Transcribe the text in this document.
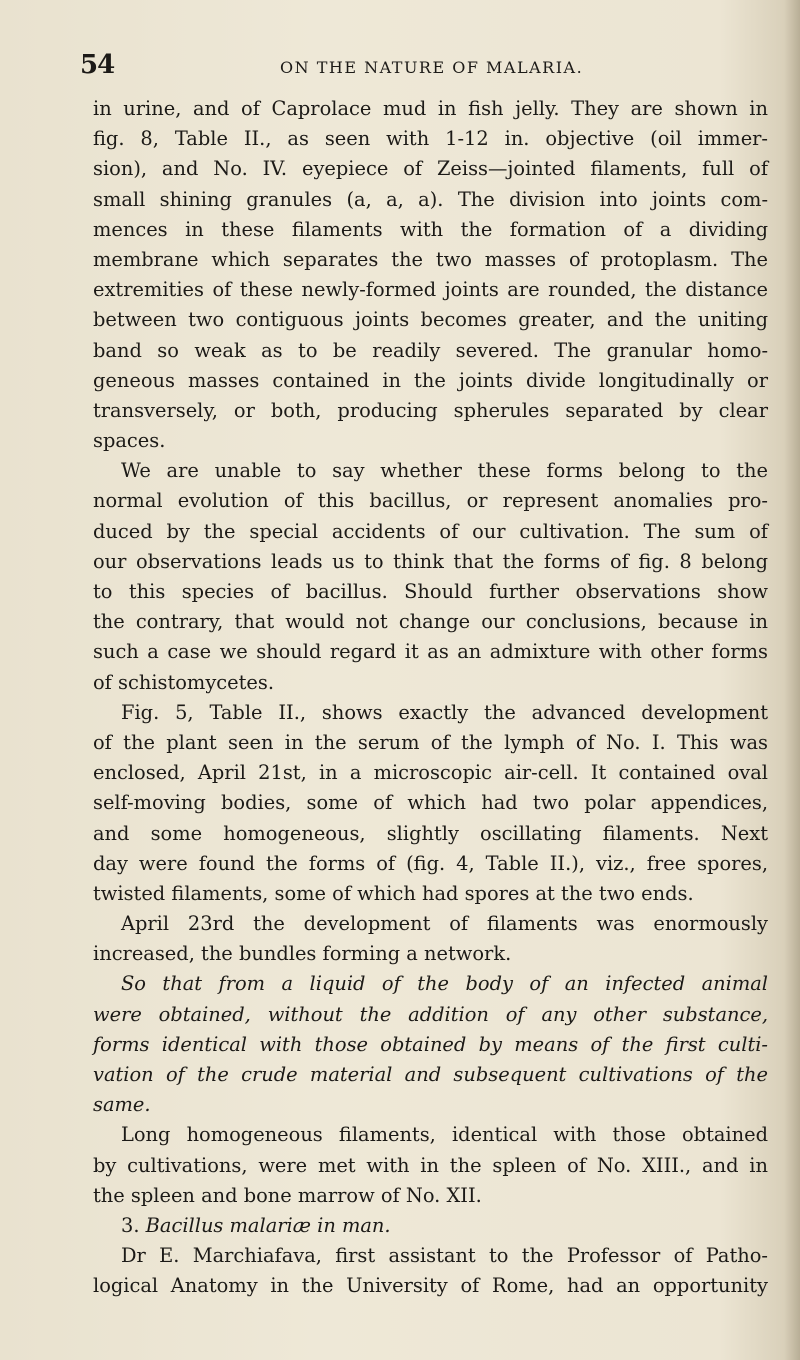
54	ON THE NATURE OF MALARIA.
in urine, and of Caprolace mud in fish jelly. They are shown in
fig. 8, Table II., as seen with 1-12 in. objective (oil immer-
sion), and No. IV. eyepiece of Zeiss—jointed filaments, full of
small shining granules (a, a, a). The division into joints com-
mences in these filaments with the formation of a dividing
membrane which separates the two masses of protoplasm. The
extremities of these newly-formed joints are rounded, the distance
between two contiguous joints becomes greater, and the uniting
band so weak as to be readily severed. The granular homo-
geneous masses contained in the joints divide longitudinally or
transversely, or both, producing spherules separated by clear
spaces.
We are unable to say whether these forms belong to the
normal evolution of this bacillus, or represent anomalies pro-
duced by the special accidents of our cultivation. The sum of
our observations leads us to think that the forms of fig. 8 belong
to this species of bacillus. Should further observations show
the contrary, that would not change our conclusions, because in
such a case we should regard it as an admixture with other forms
of schistomycetes.
Fig. 5, Table II., shows exactly the advanced development
of the plant seen in the serum of the lymph of No. I. This was
enclosed, April 21st, in a microscopic air-cell. It contained oval
self-moving bodies, some of which had two polar appendices,
and some homogeneous, slightly oscillating filaments. Next
day were found the forms of (fig. 4, Table II.), viz., free spores,
twisted filaments, some of which had spores at the two ends.
April 23rd the development of filaments was enormously
increased, the bundles forming a network.
So that from a liquid of the body of an infected animal
were obtained, without the addition of any other substance,
forms identical with those obtained by means of the first culti-
vation of the crude material and subsequent cultivations of the
same.
Long homogeneous filaments, identical with those obtained
by cultivations, were met with in the spleen of No. XIII., and in
the spleen and bone marrow of No. XII.
3. Bacillus malariæ in man.
Dr E. Marchiafava, first assistant to the Professor of Patho-
logical Anatomy in the University of Rome, had an opportunity
